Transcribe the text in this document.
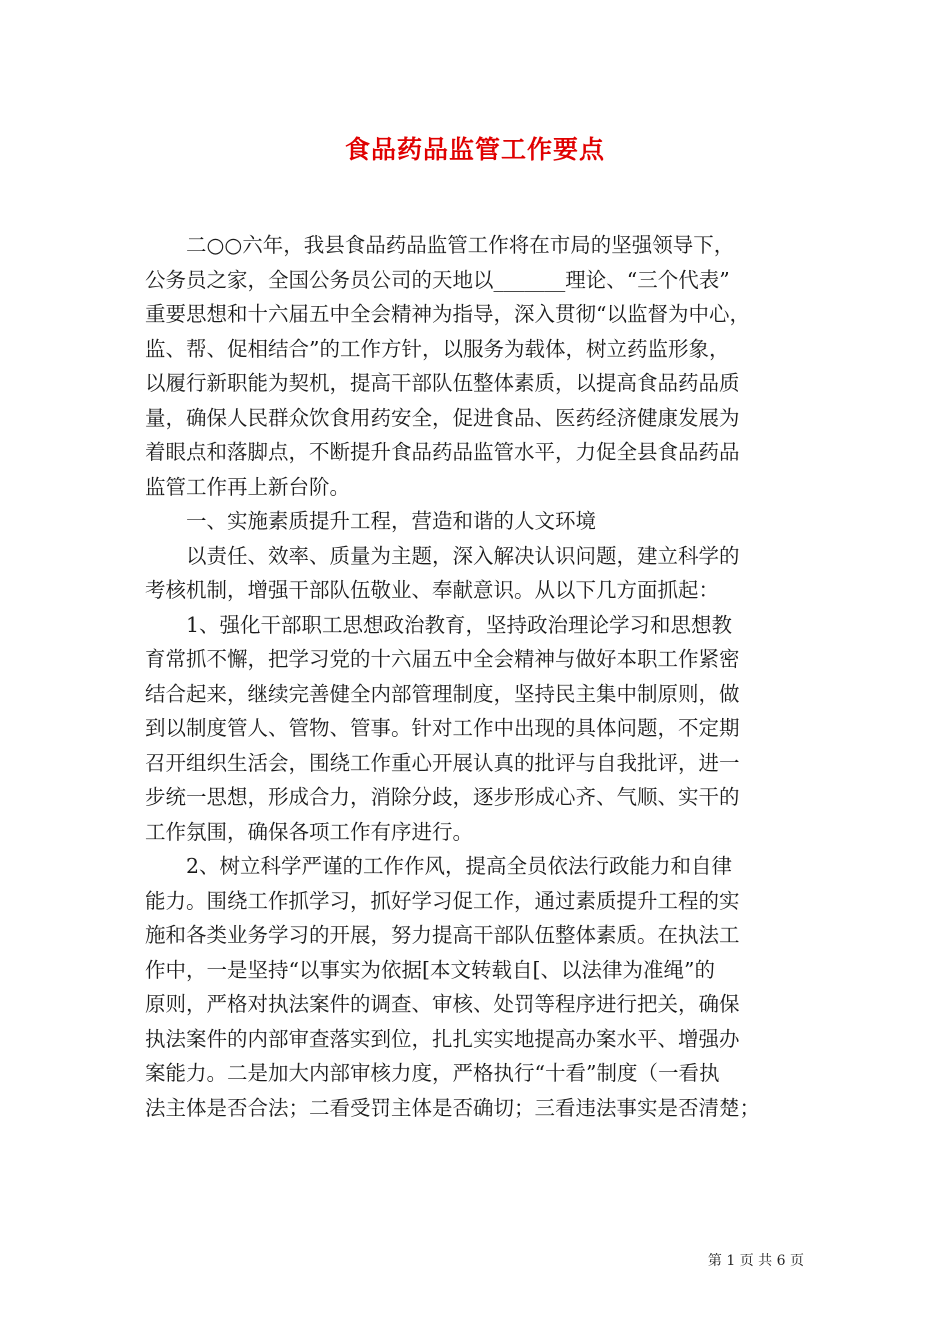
食品药品监管工作要点
　　二○○六年，我县食品药品监管工作将在市局的坚强领导下，
公务员之家，全国公务员公司的天地以_______理论、“三个代表”
重要思想和十六届五中全会精神为指导，深入贯彻“以监督为中心，
监、帮、促相结合”的工作方针，以服务为载体，树立药监形象，
以履行新职能为契机，提高干部队伍整体素质，以提高食品药品质
量，确保人民群众饮食用药安全，促进食品、医药经济健康发展为
着眼点和落脚点，不断提升食品药品监管水平，力促全县食品药品
监管工作再上新台阶。
　　一、实施素质提升工程，营造和谐的人文环境
　　以责任、效率、质量为主题，深入解决认识问题，建立科学的
考核机制，增强干部队伍敬业、奉献意识。从以下几方面抓起：
　　1、强化干部职工思想政治教育，坚持政治理论学习和思想教
育常抓不懈，把学习党的十六届五中全会精神与做好本职工作紧密
结合起来，继续完善健全内部管理制度，坚持民主集中制原则，做
到以制度管人、管物、管事。针对工作中出现的具体问题，不定期
召开组织生活会，围绕工作重心开展认真的批评与自我批评，进一
步统一思想，形成合力，消除分歧，逐步形成心齐、气顺、实干的
工作氛围，确保各项工作有序进行。
　　2、树立科学严谨的工作作风，提高全员依法行政能力和自律
能力。围绕工作抓学习，抓好学习促工作，通过素质提升工程的实
施和各类业务学习的开展，努力提高干部队伍整体素质。在执法工
作中，一是坚持“以事实为依据[本文转载自[、以法律为准绳”的
原则，严格对执法案件的调查、审核、处罚等程序进行把关，确保
执法案件的内部审查落实到位，扎扎实实地提高办案水平、增强办
案能力。二是加大内部审核力度，严格执行“十看”制度（一看执
法主体是否合法；二看受罚主体是否确切；三看违法事实是否清楚；
第 1 页 共 6 页
